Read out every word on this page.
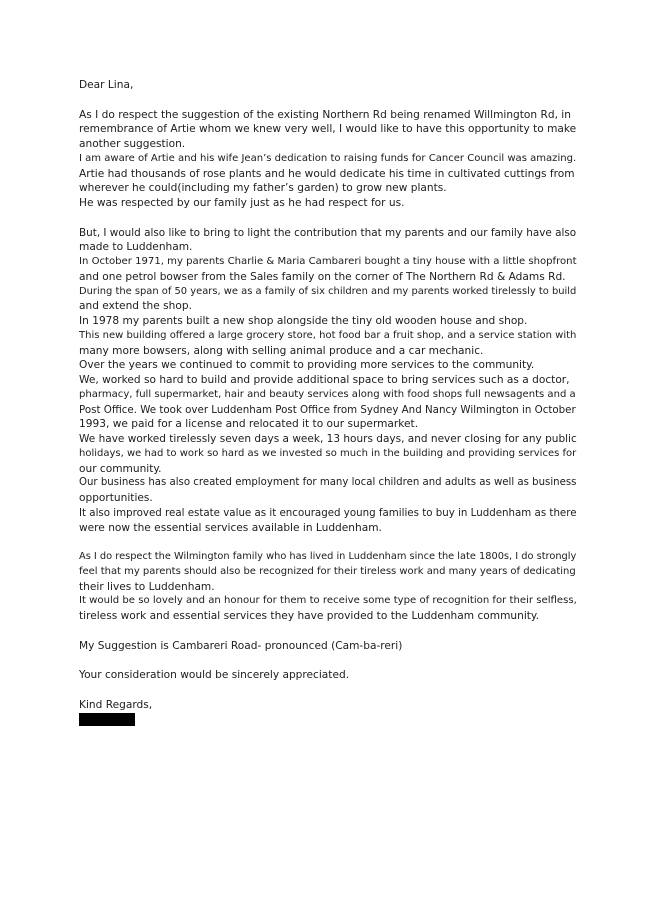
Dear Lina,
As I do respect the suggestion of the existing Northern Rd being renamed Willmington Rd, in
remembrance of Artie whom we knew very well, I would like to have this opportunity to make
another suggestion.
I am aware of Artie and his wife Jean’s dedication to raising funds for Cancer Council was amazing.
Artie had thousands of rose plants and he would dedicate his time in cultivated cuttings from
wherever he could(including my father’s garden) to grow new plants.
He was respected by our family just as he had respect for us.
But, I would also like to bring to light the contribution that my parents and our family have also
made to Luddenham.
In October 1971, my parents Charlie & Maria Cambareri bought a tiny house with a little shopfront
and one petrol bowser from the Sales family on the corner of The Northern Rd & Adams Rd.
During the span of 50 years, we as a family of six children and my parents worked tirelessly to build
and extend the shop.
In 1978 my parents built a new shop alongside the tiny old wooden house and shop.
This new building offered a large grocery store, hot food bar a fruit shop, and a service station with
many more bowsers, along with selling animal produce and a car mechanic.
Over the years we continued to commit to providing more services to the community.
We, worked so hard to build and provide additional space to bring services such as a doctor,
pharmacy, full supermarket, hair and beauty services along with food shops full newsagents and a
Post Office. We took over Luddenham Post Office from Sydney And Nancy Wilmington in October
1993, we paid for a license and relocated it to our supermarket.
We have worked tirelessly seven days a week, 13 hours days, and never closing for any public
holidays, we had to work so hard as we invested so much in the building and providing services for
our community.
Our business has also created employment for many local children and adults as well as business
opportunities.
It also improved real estate value as it encouraged young families to buy in Luddenham as there
were now the essential services available in Luddenham.
As I do respect the Wilmington family who has lived in Luddenham since the late 1800s, I do strongly
feel that my parents should also be recognized for their tireless work and many years of dedicating
their lives to Luddenham.
It would be so lovely and an honour for them to receive some type of recognition for their selfless,
tireless work and essential services they have provided to the Luddenham community.
My Suggestion is Cambareri Road- pronounced (Cam-ba-reri)
Your consideration would be sincerely appreciated.
Kind Regards,
